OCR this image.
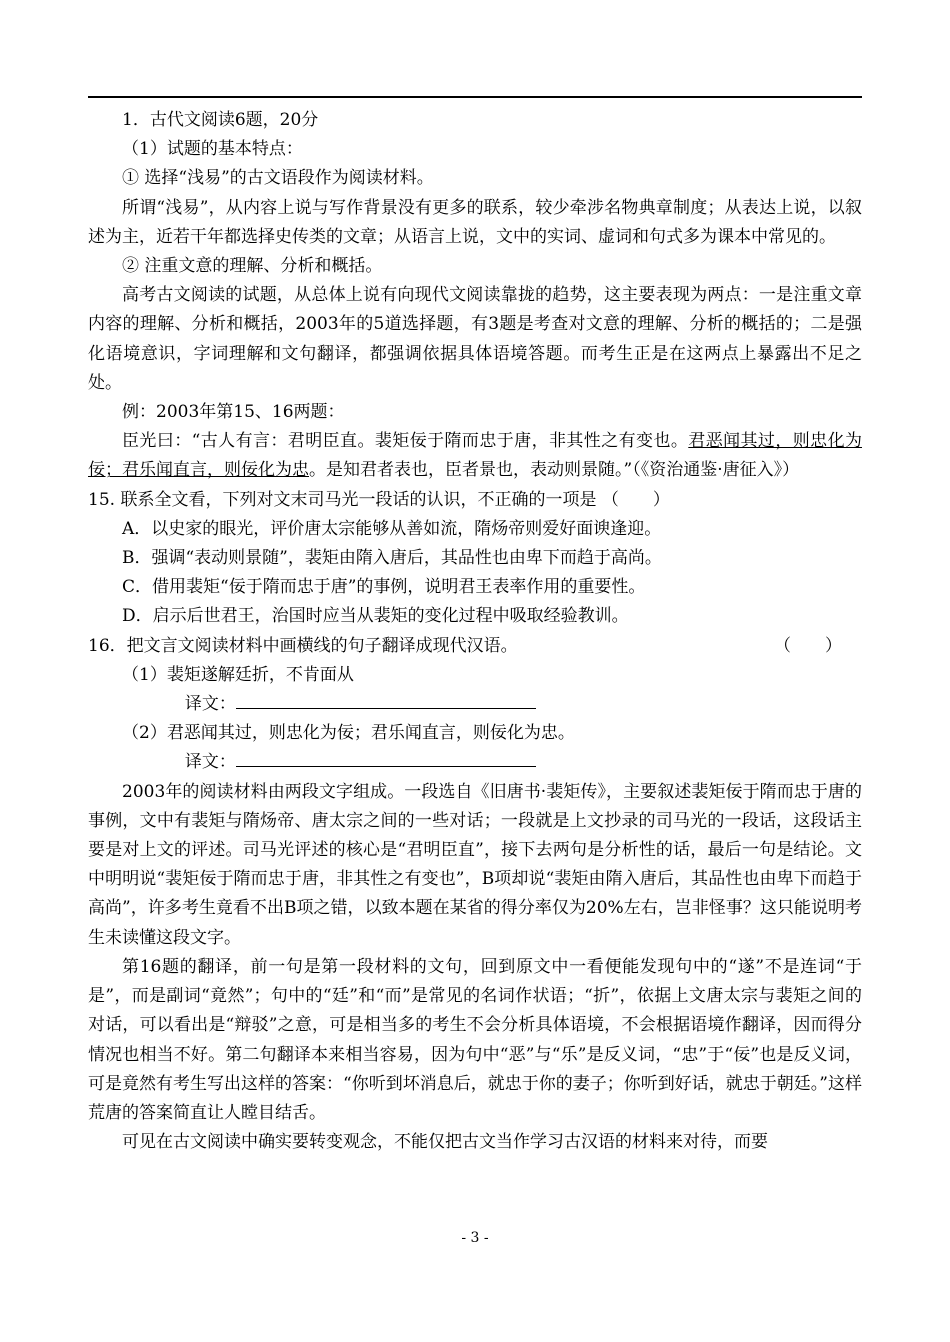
1．古代文阅读6题，20分

（1）试题的基本特点：

① 选择“浅易”的古文语段作为阅读材料。

所谓“浅易”，从内容上说与写作背景没有更多的联系，较少牵涉名物典章制度；从表达上说，以叙述为主，近若干年都选择史传类的文章；从语言上说，文中的实词、虚词和句式多为课本中常见的。

② 注重文意的理解、分析和概括。

高考古文阅读的试题，从总体上说有向现代文阅读靠拢的趋势，这主要表现为两点：一是注重文章内容的理解、分析和概括，2003年的5道选择题，有3题是考查对文意的理解、分析的概括的；二是强化语境意识，字词理解和文句翻译，都强调依据具体语境答题。而考生正是在这两点上暴露出不足之处。

例：2003年第15、16两题：

臣光曰：“古人有言：君明臣直。裴矩佞于隋而忠于唐，非其性之有变也。君恶闻其过，则忠化为佞；君乐闻直言，则佞化为忠。是知君者表也，臣者景也，表动则景随。”（《资治通鉴·唐征入》）

15. 联系全文看，下列对文末司马光一段话的认识，不正确的一项是 （　　）

A．以史家的眼光，评价唐太宗能够从善如流，隋炀帝则爱好面谀逢迎。

B．强调“表动则景随”，裴矩由隋入唐后，其品性也由卑下而趋于高尚。

C．借用裴矩“佞于隋而忠于唐”的事例，说明君王表率作用的重要性。

D．启示后世君王，治国时应当从裴矩的变化过程中吸取经验教训。

16．把文言文阅读材料中画横线的句子翻译成现代汉语。	（　　）

（1）裴矩遂解廷折，不肯面从

译文：

（2）君恶闻其过，则忠化为佞；君乐闻直言，则佞化为忠。

译文：

2003年的阅读材料由两段文字组成。一段选自《旧唐书·裴矩传》，主要叙述裴矩佞于隋而忠于唐的事例，文中有裴矩与隋炀帝、唐太宗之间的一些对话；一段就是上文抄录的司马光的一段话，这段话主要是对上文的评述。司马光评述的核心是“君明臣直”，接下去两句是分析性的话，最后一句是结论。文中明明说“裴矩佞于隋而忠于唐，非其性之有变也”，B项却说“裴矩由隋入唐后，其品性也由卑下而趋于高尚”，许多考生竟看不出B项之错，以致本题在某省的得分率仅为20%左右，岂非怪事？这只能说明考生未读懂这段文字。

第16题的翻译，前一句是第一段材料的文句，回到原文中一看便能发现句中的“遂”不是连词“于是”，而是副词“竟然”；句中的“廷”和“而”是常见的名词作状语；“折”，依据上文唐太宗与裴矩之间的对话，可以看出是“辩驳”之意，可是相当多的考生不会分析具体语境，不会根据语境作翻译，因而得分情况也相当不好。第二句翻译本来相当容易，因为句中“恶”与“乐”是反义词，“忠”于“佞”也是反义词，可是竟然有考生写出这样的答案：“你听到坏消息后，就忠于你的妻子；你听到好话，就忠于朝廷。”这样荒唐的答案简直让人瞠目结舌。

可见在古文阅读中确实要转变观念，不能仅把古文当作学习古汉语的材料来对待，而要

- 3 -
